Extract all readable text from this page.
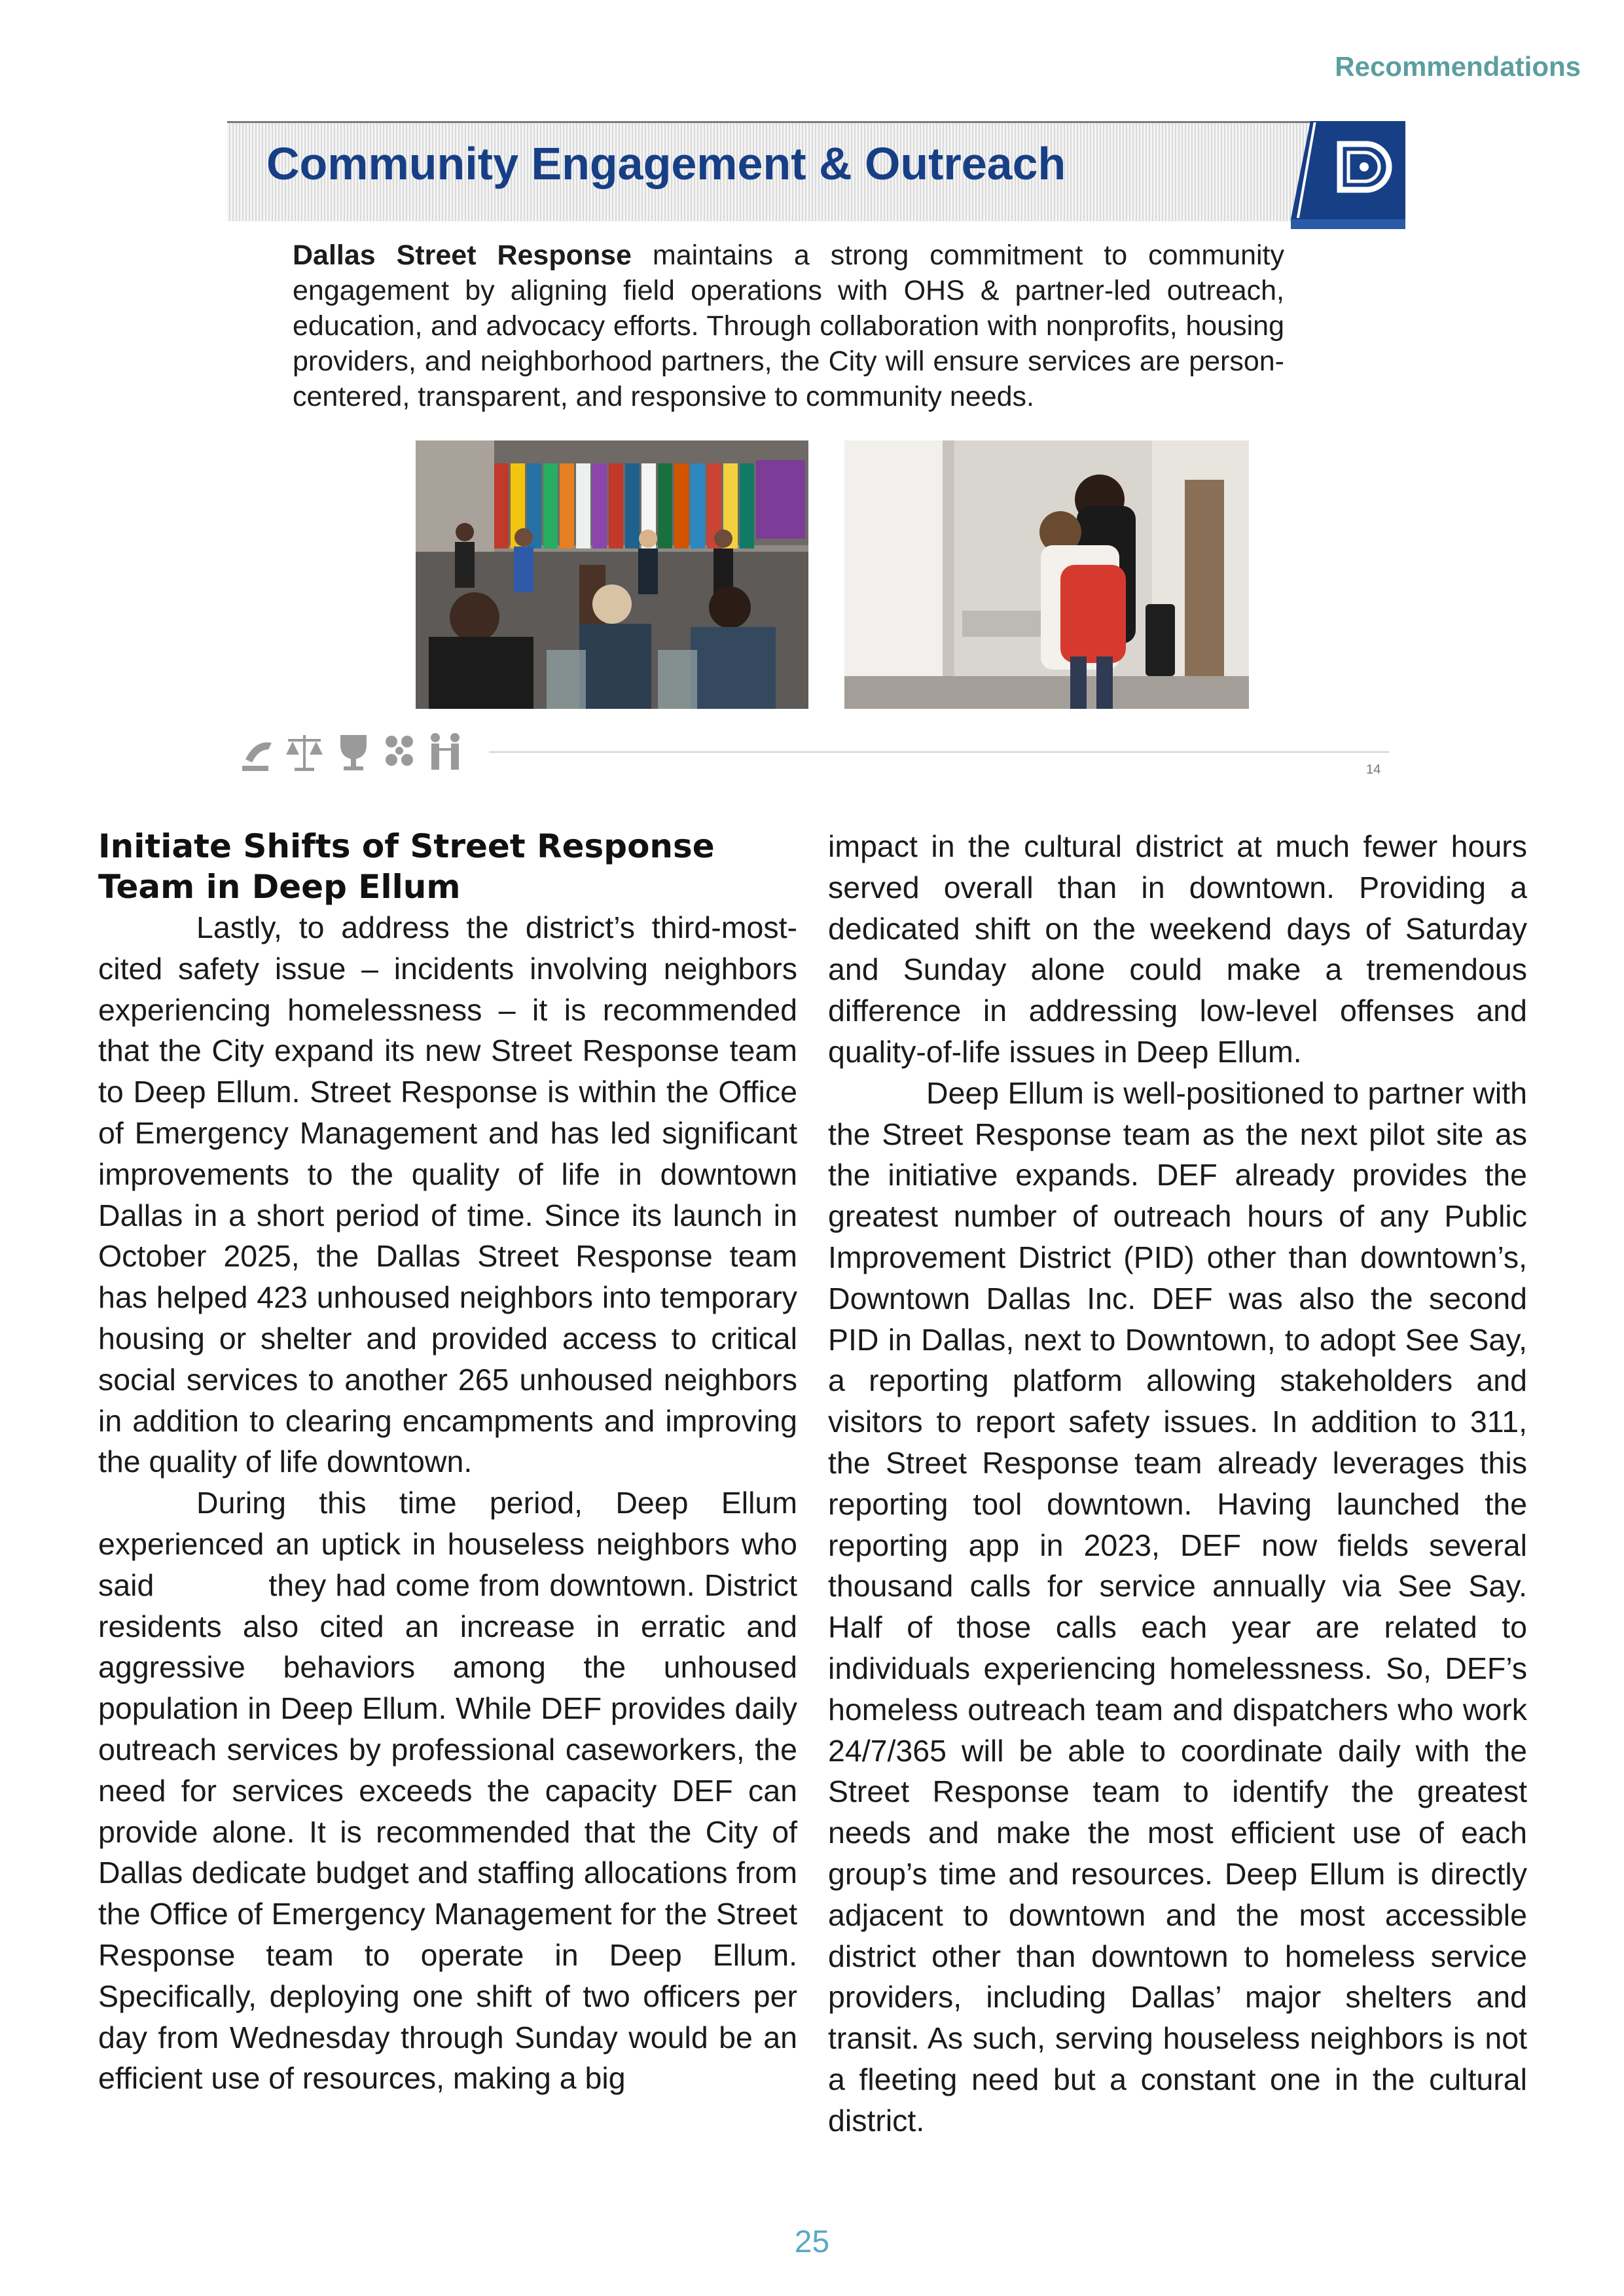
Recommendations
Community Engagement & Outreach
Dallas Street Response maintains a strong commitment to community engagement by aligning field operations with OHS & partner-led outreach, education, and advocacy efforts. Through collaboration with nonprofits, housing providers, and neighborhood partners, the City will ensure services are person-centered, transparent, and responsive to community needs.
14

Initiate Shifts of Street Response Team in Deep Ellum

Lastly, to address the district’s third-most-cited safety issue – incidents involving neighbors experiencing homelessness – it is recommended that the City expand its new Street Response team to Deep Ellum. Street Response is within the Office of Emergency Management and has led significant improvements to the quality of life in downtown Dallas in a short period of time. Since its launch in October 2025, the Dallas Street Response team has helped 423 unhoused neighbors into temporary housing or shelter and provided access to critical social services to another 265 unhoused neighbors in addition to clearing encampments and improving the quality of life downtown.

During this time period, Deep Ellum experienced an uptick in houseless neighbors who said	they had come from downtown. District residents also cited an increase in erratic and aggressive behaviors among the unhoused population in Deep Ellum. While DEF provides daily outreach services by professional caseworkers, the need for services exceeds the capacity DEF can provide alone. It is recommended that the City of Dallas dedicate budget and staffing allocations from the Office of Emergency Management for the Street Response team to operate in Deep Ellum. Specifically, deploying one shift of two officers per day from Wednesday through Sunday would be an efficient use of resources, making a big

impact in the cultural district at much fewer hours served overall than in downtown. Providing a dedicated shift on the weekend days of Saturday and Sunday alone could make a tremendous difference in addressing low-level offenses and quality-of-life issues in Deep Ellum.

Deep Ellum is well-positioned to partner with the Street Response team as the next pilot site as the initiative expands. DEF already provides the greatest number of outreach hours of any Public Improvement District (PID) other than downtown’s, Downtown Dallas Inc. DEF was also the second PID in Dallas, next to Downtown, to adopt See Say, a reporting platform allowing stakeholders and visitors to report safety issues. In addition to 311, the Street Response team already leverages this reporting tool downtown. Having launched the reporting app in 2023, DEF now fields several thousand calls for service annually via See Say. Half of those calls each year are related to individuals experiencing homelessness. So, DEF’s homeless outreach team and dispatchers who work 24/7/365 will be able to coordinate daily with the Street Response team to identify the greatest needs and make the most efficient use of each group’s time and resources. Deep Ellum is directly adjacent to downtown and the most accessible district other than downtown to homeless service providers, including Dallas’ major shelters and transit. As such, serving houseless neighbors is not a fleeting need but a constant one in the cultural district.

25
